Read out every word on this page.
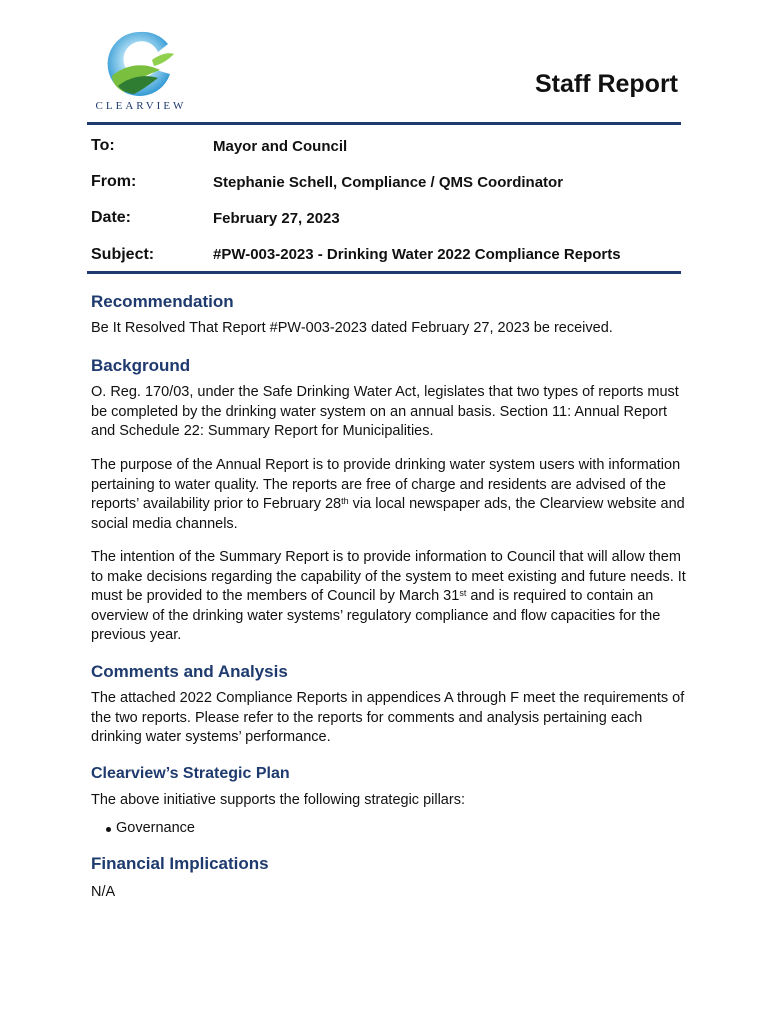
CLEARVIEW
Staff Report
To:	Mayor and Council
From:	Stephanie Schell, Compliance / QMS Coordinator
Date:	February 27, 2023
Subject:	#PW-003-2023 - Drinking Water 2022 Compliance Reports
Recommendation
Be It Resolved That Report #PW-003-2023 dated February 27, 2023 be received.
Background
O. Reg. 170/03, under the Safe Drinking Water Act, legislates that two types of reports must be completed by the drinking water system on an annual basis. Section 11: Annual Report and Schedule 22: Summary Report for Municipalities.
The purpose of the Annual Report is to provide drinking water system users with information pertaining to water quality. The reports are free of charge and residents are advised of the reports’ availability prior to February 28th via local newspaper ads, the Clearview website and social media channels.
The intention of the Summary Report is to provide information to Council that will allow them to make decisions regarding the capability of the system to meet existing and future needs. It must be provided to the members of Council by March 31st and is required to contain an overview of the drinking water systems’ regulatory compliance and flow capacities for the previous year.
Comments and Analysis
The attached 2022 Compliance Reports in appendices A through F meet the requirements of the two reports. Please refer to the reports for comments and analysis pertaining each drinking water systems’ performance.
Clearview’s Strategic Plan
The above initiative supports the following strategic pillars:
Governance
Financial Implications
N/A
